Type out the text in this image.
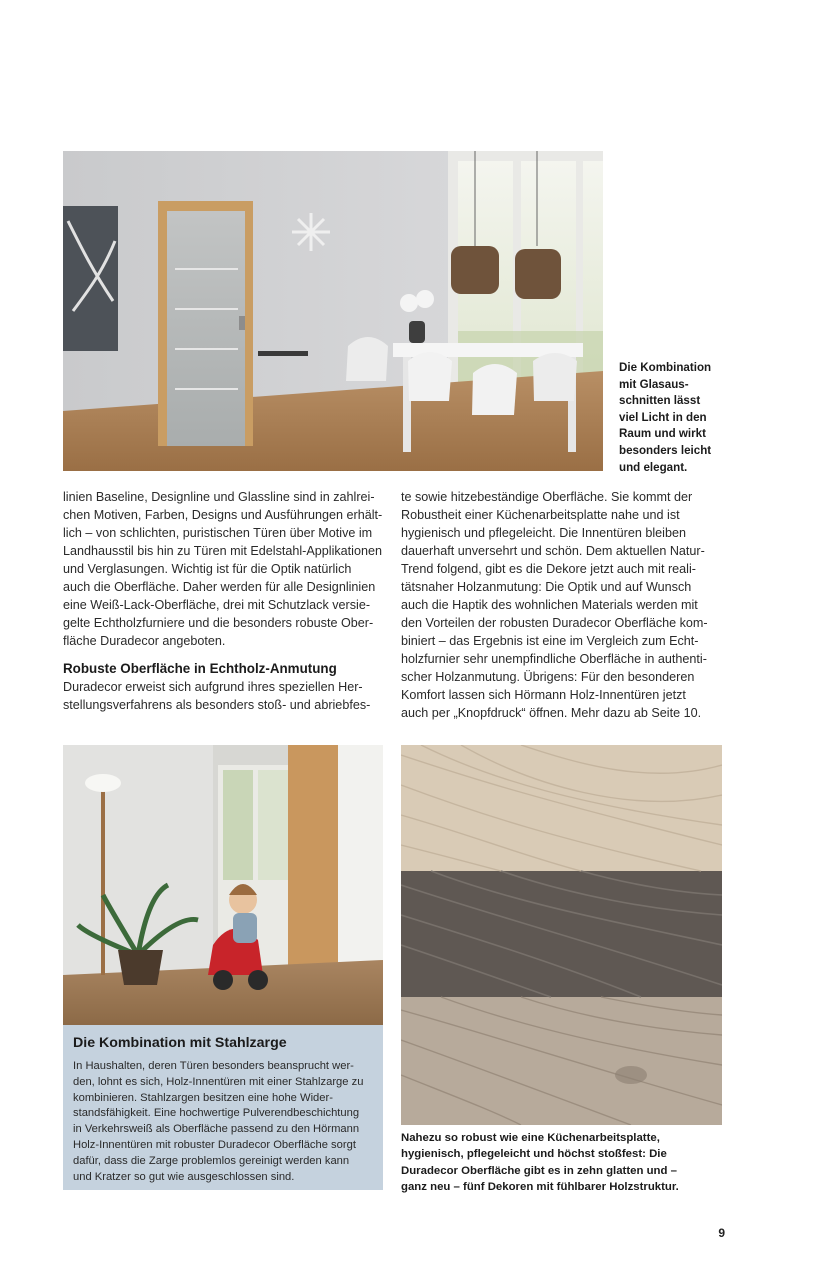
Die Kombination
mit Glasaus-
schnitten lässt
viel Licht in den
Raum und wirkt
besonders leicht
und elegant.
linien Baseline, Designline und Glassline sind in zahlrei-
chen Motiven, Farben, Designs und Ausführungen erhält-
lich – von schlichten, puristischen Türen über Motive im
Landhausstil bis hin zu Türen mit Edelstahl-Applikationen
und Verglasungen. Wichtig ist für die Optik natürlich
auch die Oberfläche. Daher werden für alle Designlinien
eine Weiß-Lack-Oberfläche, drei mit Schutzlack versie-
gelte Echtholzfurniere und die besonders robuste Ober-
fläche Duradecor angeboten.
Robuste Oberfläche in Echtholz-Anmutung
Duradecor erweist sich aufgrund ihres speziellen Her-
stellungsverfahrens als besonders stoß- und abriebfes-
te sowie hitzebeständige Oberfläche. Sie kommt der
Robustheit einer Küchenarbeitsplatte nahe und ist
hygienisch und pflegeleicht. Die Innentüren bleiben
dauerhaft unversehrt und schön. Dem aktuellen Natur-
Trend folgend, gibt es die Dekore jetzt auch mit reali-
tätsnaher Holzanmutung: Die Optik und auf Wunsch
auch die Haptik des wohnlichen Materials werden mit
den Vorteilen der robusten Duradecor Oberfläche kom-
biniert – das Ergebnis ist eine im Vergleich zum Echt-
holzfurnier sehr unempfindliche Oberfläche in authenti-
scher Holzanmutung. Übrigens: Für den besonderen
Komfort lassen sich Hörmann Holz-Innentüren jetzt
auch per „Knopfdruck“ öffnen. Mehr dazu ab Seite 10.
Die Kombination mit Stahlzarge
In Haushalten, deren Türen besonders beansprucht wer-
den, lohnt es sich, Holz-Innentüren mit einer Stahlzarge zu
kombinieren. Stahlzargen besitzen eine hohe Wider-
standsfähigkeit. Eine hochwertige Pulverendbeschichtung
in Verkehrsweiß als Oberfläche passend zu den Hörmann
Holz-Innentüren mit robuster Duradecor Oberfläche sorgt
dafür, dass die Zarge problemlos gereinigt werden kann
und Kratzer so gut wie ausgeschlossen sind.
Nahezu so robust wie eine Küchenarbeitsplatte,
hygienisch, pflegeleicht und höchst stoßfest: Die
Duradecor Oberfläche gibt es in zehn glatten und –
ganz neu – fünf Dekoren mit fühlbarer Holzstruktur.
9
